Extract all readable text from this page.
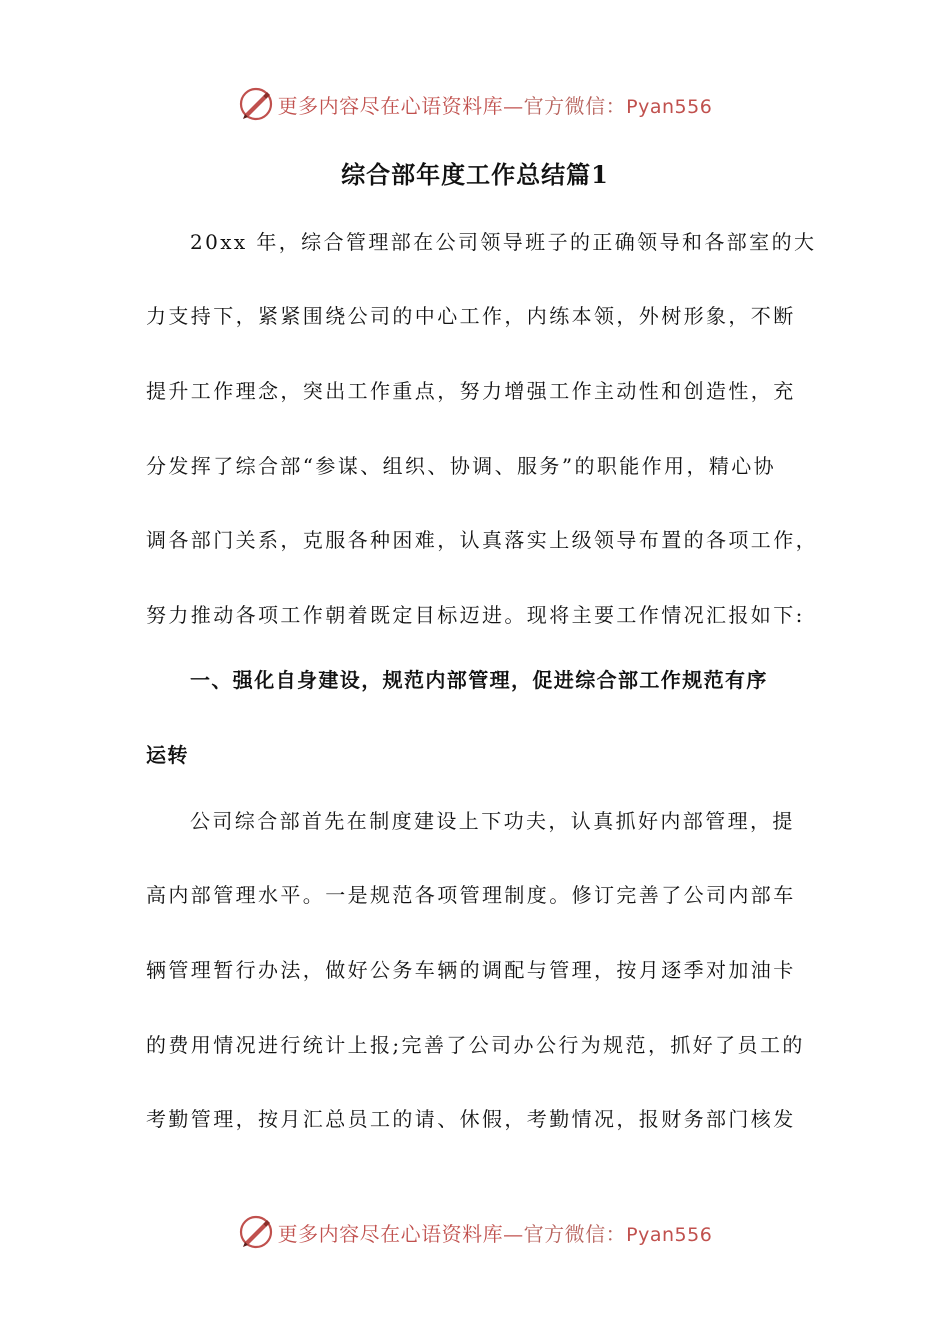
更多内容尽在心语资料库—官方微信：Pyan556
综合部年度工作总结篇1
20xx 年，综合管理部在公司领导班子的正确领导和各部室的大
力支持下，紧紧围绕公司的中心工作，内练本领，外树形象，不断
提升工作理念，突出工作重点，努力增强工作主动性和创造性，充
分发挥了综合部“参谋、组织、协调、服务”的职能作用，精心协
调各部门关系，克服各种困难，认真落实上级领导布置的各项工作，
努力推动各项工作朝着既定目标迈进。现将主要工作情况汇报如下:
一、强化自身建设，规范内部管理，促进综合部工作规范有序
运转
公司综合部首先在制度建设上下功夫，认真抓好内部管理，提
高内部管理水平。一是规范各项管理制度。修订完善了公司内部车
辆管理暂行办法，做好公务车辆的调配与管理，按月逐季对加油卡
的费用情况进行统计上报;完善了公司办公行为规范，抓好了员工的
考勤管理，按月汇总员工的请、休假，考勤情况，报财务部门核发
更多内容尽在心语资料库—官方微信：Pyan556
